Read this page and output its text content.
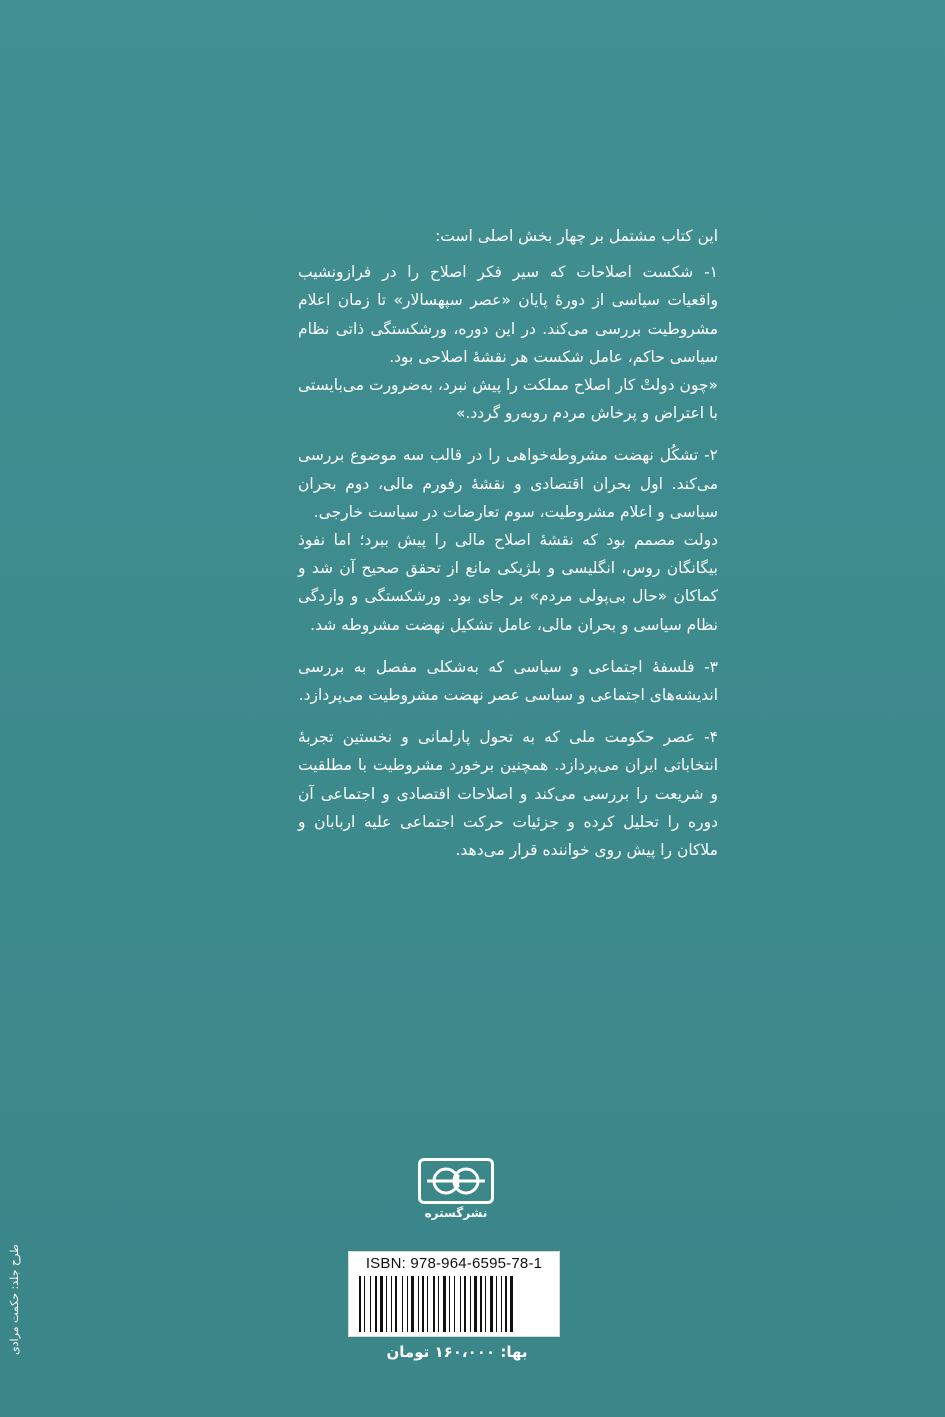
این کتاب مشتمل بر چهار بخش اصلی است:

۱- شکست اصلاحات که سیر فکر اصلاح را در فرازونشیب واقعیات سیاسی از دورهٔ پایان «عصر سپهسالار» تا زمان اعلام مشروطیت بررسی می‌کند. در این دوره، ورشکستگی ذاتی نظام سیاسی حاکم، عامل شکست هر نقشهٔ اصلاحی بود.

«چون دولتْ کار اصلاح مملکت را پیش نبرد، به‌ضرورت می‌بایستی با اعتراض و پرخاش مردم روبه‌رو گردد.»

۲- تشکُل نهضت مشروطه‌خواهی را در قالب سه موضوع بررسی می‌کند. اول بحران اقتصادی و نقشهٔ رفورم مالی، دوم بحران سیاسی و اعلام مشروطیت، سوم تعارضات در سیاست خارجی.

دولت مصمم بود که نقشهٔ اصلاح مالی را پیش ببرد؛ اما نفوذ بیگانگان روس، انگلیسی و بلژیکی مانع از تحقق صحیح آن شد و کماکان «حال بی‌پولی مردم» بر جای بود. ورشکستگی و وازدگی نظام سیاسی و بحران مالی، عامل تشکیل نهضت مشروطه شد.

۳- فلسفهٔ اجتماعی و سیاسی که به‌شکلی مفصل به بررسی اندیشه‌های اجتماعی و سیاسی عصر نهضت مشروطیت می‌پردازد.

۴- عصر حکومت ملی که به تحول پارلمانی و نخستین تجربهٔ انتخاباتی ایران می‌پردازد. همچنین برخورد مشروطیت با مطلقیت و شریعت را بررسی می‌کند و اصلاحات اقتصادی و اجتماعی آن دوره را تحلیل کرده و جزئیات حرکت اجتماعی علیه اربابان و ملاکان را پیش روی خواننده قرار می‌دهد.

نشرگستره
ISBN: 978-964-6595-78-1
بها: ۱۶۰،۰۰۰ تومان
طرح جلد: حکمت مرادی
